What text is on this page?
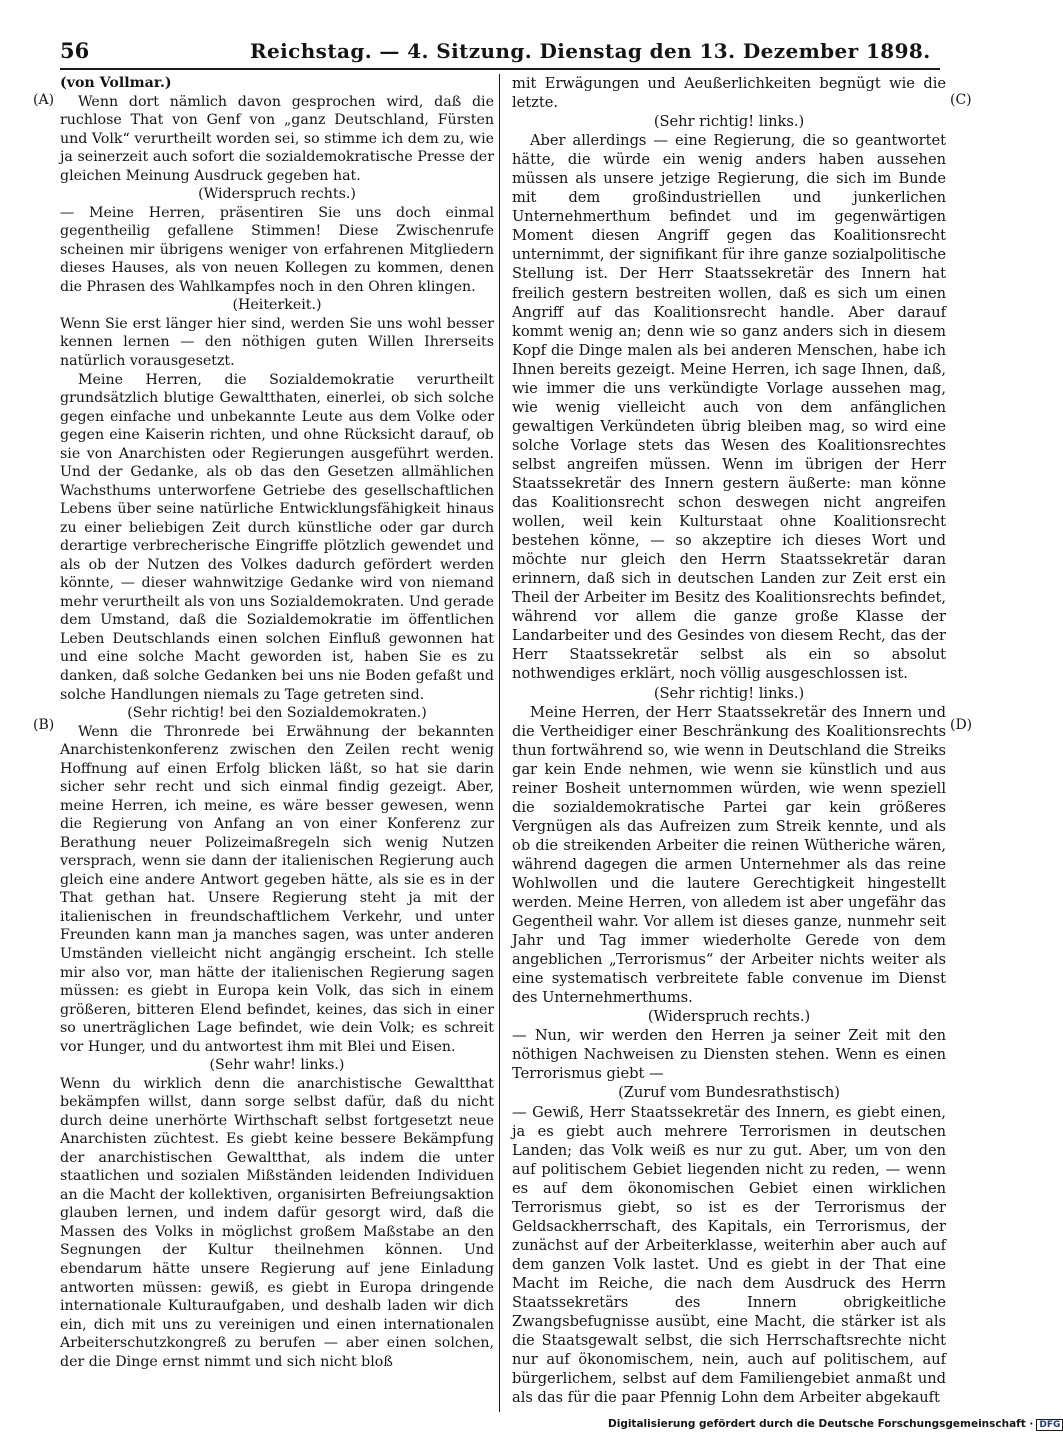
56	Reichstag. — 4. Sitzung. Dienstag den 13. Dezember 1898.
(A)
(B)
(C)
(D)

(von Vollmar.)

Wenn dort nämlich davon gesprochen wird, daß die ruchlose That von Genf von „ganz Deutschland, Fürsten und Volk“ verurtheilt worden sei, so stimme ich dem zu, wie ja seinerzeit auch sofort die sozialdemokratische Presse der gleichen Meinung Ausdruck gegeben hat.

(Widerspruch rechts.)

— Meine Herren, präsentiren Sie uns doch einmal gegentheilig gefallene Stimmen! Diese Zwischenrufe scheinen mir übrigens weniger von erfahrenen Mitgliedern dieses Hauses, als von neuen Kollegen zu kommen, denen die Phrasen des Wahlkampfes noch in den Ohren klingen.

(Heiterkeit.)

Wenn Sie erst länger hier sind, werden Sie uns wohl besser kennen lernen — den nöthigen guten Willen Ihrerseits natürlich vorausgesetzt.

Meine Herren, die Sozialdemokratie verurtheilt grundsätzlich blutige Gewaltthaten, einerlei, ob sich solche gegen einfache und unbekannte Leute aus dem Volke oder gegen eine Kaiserin richten, und ohne Rücksicht darauf, ob sie von Anarchisten oder Regierungen ausgeführt werden. Und der Gedanke, als ob das den Gesetzen allmählichen Wachsthums unterworfene Getriebe des gesellschaftlichen Lebens über seine natürliche Entwicklungsfähigkeit hinaus zu einer beliebigen Zeit durch künstliche oder gar durch derartige verbrecherische Eingriffe plötzlich gewendet und als ob der Nutzen des Volkes dadurch gefördert werden könnte, — dieser wahnwitzige Gedanke wird von niemand mehr verurtheilt als von uns Sozialdemokraten. Und gerade dem Umstand, daß die Sozialdemokratie im öffentlichen Leben Deutschlands einen solchen Einfluß gewonnen hat und eine solche Macht geworden ist, haben Sie es zu danken, daß solche Gedanken bei uns nie Boden gefaßt und solche Handlungen niemals zu Tage getreten sind.

(Sehr richtig! bei den Sozialdemokraten.)

Wenn die Thronrede bei Erwähnung der bekannten Anarchistenkonferenz zwischen den Zeilen recht wenig Hoffnung auf einen Erfolg blicken läßt, so hat sie darin sicher sehr recht und sich einmal findig gezeigt. Aber, meine Herren, ich meine, es wäre besser gewesen, wenn die Regierung von Anfang an von einer Konferenz zur Berathung neuer Polizeimaßregeln sich wenig Nutzen versprach, wenn sie dann der italienischen Regierung auch gleich eine andere Antwort gegeben hätte, als sie es in der That gethan hat. Unsere Regierung steht ja mit der italienischen in freundschaftlichem Verkehr, und unter Freunden kann man ja manches sagen, was unter anderen Umständen vielleicht nicht angängig erscheint. Ich stelle mir also vor, man hätte der italienischen Regierung sagen müssen: es giebt in Europa kein Volk, das sich in einem größeren, bitteren Elend befindet, keines, das sich in einer so unerträglichen Lage befindet, wie dein Volk; es schreit vor Hunger, und du antwortest ihm mit Blei und Eisen.

(Sehr wahr! links.)

Wenn du wirklich denn die anarchistische Gewaltthat bekämpfen willst, dann sorge selbst dafür, daß du nicht durch deine unerhörte Wirthschaft selbst fortgesetzt neue Anarchisten züchtest. Es giebt keine bessere Bekämpfung der anarchistischen Gewaltthat, als indem die unter staatlichen und sozialen Mißständen leidenden Individuen an die Macht der kollektiven, organisirten Befreiungsaktion glauben lernen, und indem dafür gesorgt wird, daß die Massen des Volks in möglichst großem Maßstabe an den Segnungen der Kultur theilnehmen können. Und ebendarum hätte unsere Regierung auf jene Einladung antworten müssen: gewiß, es giebt in Europa dringende internationale Kulturaufgaben, und deshalb laden wir dich ein, dich mit uns zu vereinigen und einen internationalen Arbeiterschutzkongreß zu berufen — aber einen solchen, der die Dinge ernst nimmt und sich nicht bloß

mit Erwägungen und Aeußerlichkeiten begnügt wie die letzte.

(Sehr richtig! links.)

Aber allerdings — eine Regierung, die so geantwortet hätte, die würde ein wenig anders haben aussehen müssen als unsere jetzige Regierung, die sich im Bunde mit dem großindustriellen und junkerlichen Unternehmerthum befindet und im gegenwärtigen Moment diesen Angriff gegen das Koalitionsrecht unternimmt, der signifikant für ihre ganze sozialpolitische Stellung ist. Der Herr Staatssekretär des Innern hat freilich gestern bestreiten wollen, daß es sich um einen Angriff auf das Koalitionsrecht handle. Aber darauf kommt wenig an; denn wie so ganz anders sich in diesem Kopf die Dinge malen als bei anderen Menschen, habe ich Ihnen bereits gezeigt. Meine Herren, ich sage Ihnen, daß, wie immer die uns verkündigte Vorlage aussehen mag, wie wenig vielleicht auch von dem anfänglichen gewaltigen Verkündeten übrig bleiben mag, so wird eine solche Vorlage stets das Wesen des Koalitionsrechtes selbst angreifen müssen. Wenn im übrigen der Herr Staatssekretär des Innern gestern äußerte: man könne das Koalitionsrecht schon deswegen nicht angreifen wollen, weil kein Kulturstaat ohne Koalitionsrecht bestehen könne, — so akzeptire ich dieses Wort und möchte nur gleich den Herrn Staatssekretär daran erinnern, daß sich in deutschen Landen zur Zeit erst ein Theil der Arbeiter im Besitz des Koalitionsrechts befindet, während vor allem die ganze große Klasse der Landarbeiter und des Gesindes von diesem Recht, das der Herr Staatssekretär selbst als ein so absolut nothwendiges erklärt, noch völlig ausgeschlossen ist.

(Sehr richtig! links.)

Meine Herren, der Herr Staatssekretär des Innern und die Vertheidiger einer Beschränkung des Koalitionsrechts thun fortwährend so, wie wenn in Deutschland die Streiks gar kein Ende nehmen, wie wenn sie künstlich und aus reiner Bosheit unternommen würden, wie wenn speziell die sozialdemokratische Partei gar kein größeres Vergnügen als das Aufreizen zum Streik kennte, und als ob die streikenden Arbeiter die reinen Wütheriche wären, während dagegen die armen Unternehmer als das reine Wohlwollen und die lautere Gerechtigkeit hingestellt werden. Meine Herren, von alledem ist aber ungefähr das Gegentheil wahr. Vor allem ist dieses ganze, nunmehr seit Jahr und Tag immer wiederholte Gerede von dem angeblichen „Terrorismus“ der Arbeiter nichts weiter als eine systematisch verbreitete fable convenue im Dienst des Unternehmerthums.

(Widerspruch rechts.)

— Nun, wir werden den Herren ja seiner Zeit mit den nöthigen Nachweisen zu Diensten stehen. Wenn es einen Terrorismus giebt —

(Zuruf vom Bundesrathstisch)

— Gewiß, Herr Staatssekretär des Innern, es giebt einen, ja es giebt auch mehrere Terrorismen in deutschen Landen; das Volk weiß es nur zu gut. Aber, um von den auf politischem Gebiet liegenden nicht zu reden, — wenn es auf dem ökonomischen Gebiet einen wirklichen Terrorismus giebt, so ist es der Terrorismus der Geldsackherrschaft, des Kapitals, ein Terrorismus, der zunächst auf der Arbeiterklasse, weiterhin aber auch auf dem ganzen Volk lastet. Und es giebt in der That eine Macht im Reiche, die nach dem Ausdruck des Herrn Staatssekretärs des Innern obrigkeitliche Zwangsbefugnisse ausübt, eine Macht, die stärker ist als die Staatsgewalt selbst, die sich Herrschaftsrechte nicht nur auf ökonomischem, nein, auch auf politischem, auf bürgerlichem, selbst auf dem Familiengebiet anmaßt und als das für die paar Pfennig Lohn dem Arbeiter abgekauft

Digitalisierung gefördert durch die Deutsche Forschungsgemeinschaft · DFG
